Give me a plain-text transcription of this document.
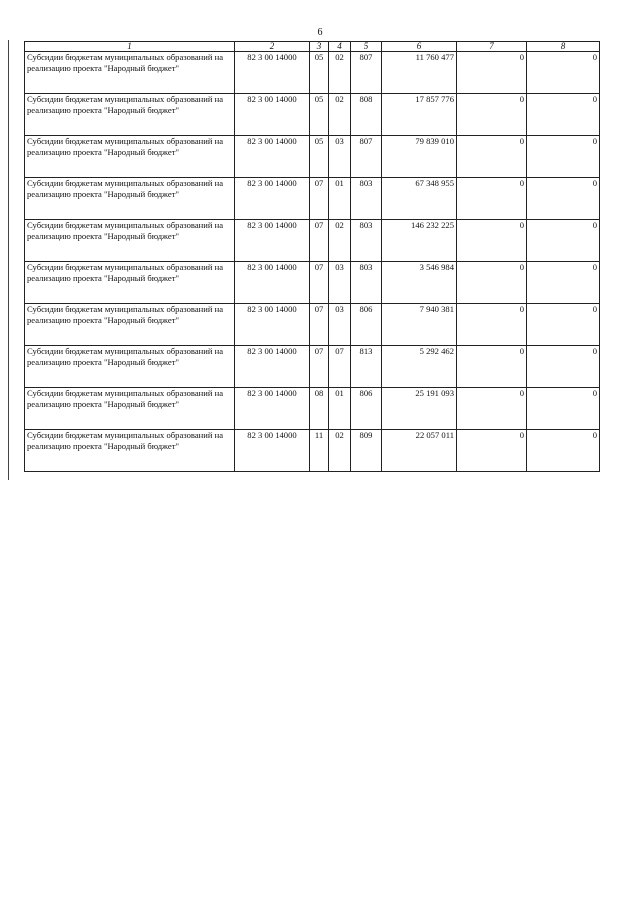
6
1	2	3	4	5	6	7	8
Субсидии бюджетам муниципальных образований на реализацию проекта "Народный бюджет"	82 3 00 14000	05	02	807	11 760 477	0	0
Субсидии бюджетам муниципальных образований на реализацию проекта "Народный бюджет"	82 3 00 14000	05	02	808	17 857 776	0	0
Субсидии бюджетам муниципальных образований на реализацию проекта "Народный бюджет"	82 3 00 14000	05	03	807	79 839 010	0	0
Субсидии бюджетам муниципальных образований на реализацию проекта "Народный бюджет"	82 3 00 14000	07	01	803	67 348 955	0	0
Субсидии бюджетам муниципальных образований на реализацию проекта "Народный бюджет"	82 3 00 14000	07	02	803	146 232 225	0	0
Субсидии бюджетам муниципальных образований на реализацию проекта "Народный бюджет"	82 3 00 14000	07	03	803	3 546 984	0	0
Субсидии бюджетам муниципальных образований на реализацию проекта "Народный бюджет"	82 3 00 14000	07	03	806	7 940 381	0	0
Субсидии бюджетам муниципальных образований на реализацию проекта "Народный бюджет"	82 3 00 14000	07	07	813	5 292 462	0	0
Субсидии бюджетам муниципальных образований на реализацию проекта "Народный бюджет"	82 3 00 14000	08	01	806	25 191 093	0	0
Субсидии бюджетам муниципальных образований на реализацию проекта "Народный бюджет"	82 3 00 14000	11	02	809	22 057 011	0	0
